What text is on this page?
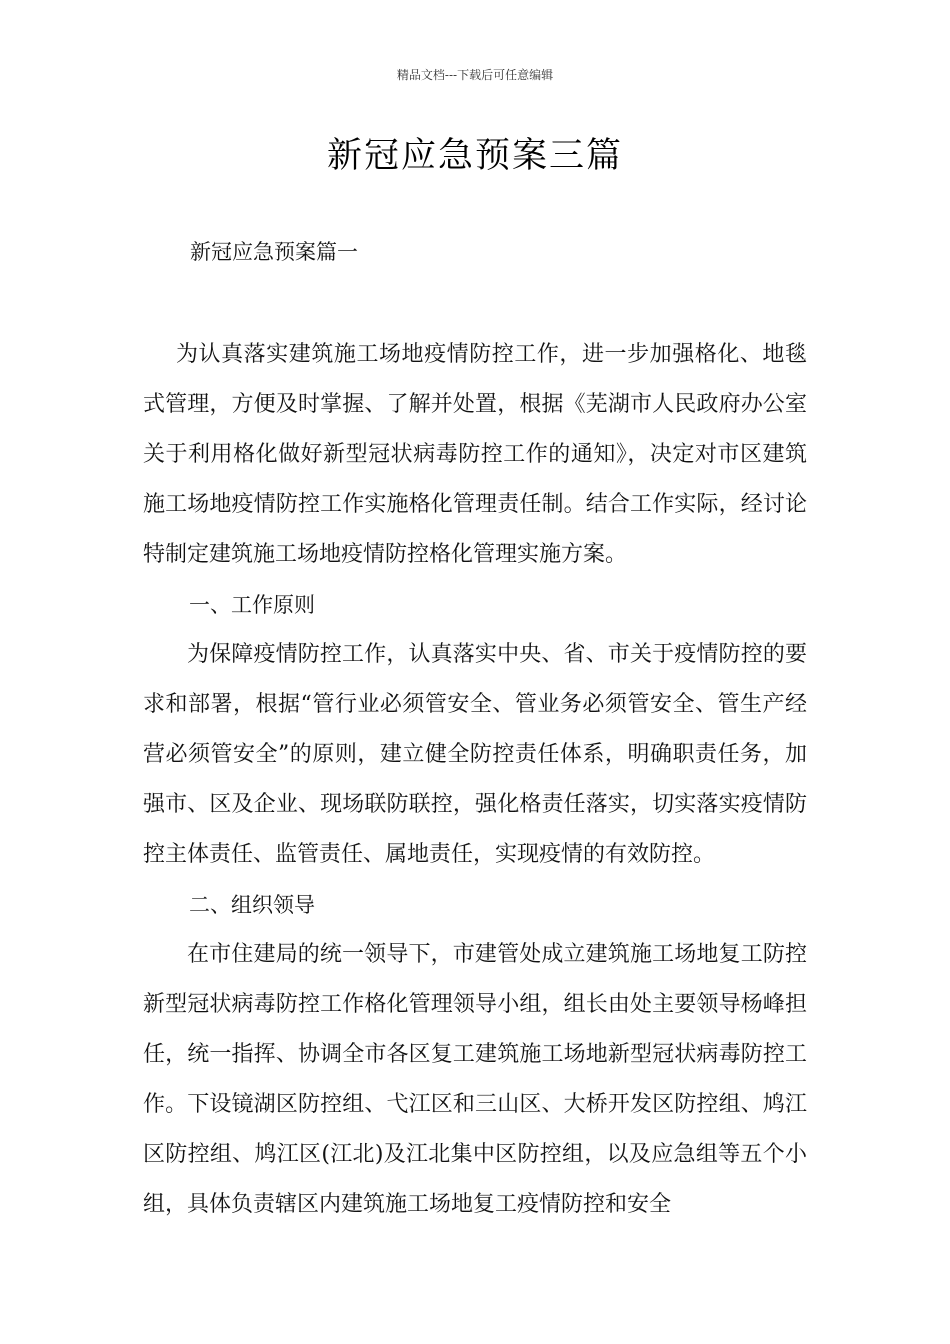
精品文档---下载后可任意编辑
新冠应急预案三篇
新冠应急预案篇一

为认真落实建筑施工场地疫情防控工作，进一步加强格化、地毯式管理，方便及时掌握、了解并处置，根据《芜湖市人民政府办公室关于利用格化做好新型冠状病毒防控工作的通知》，决定对市区建筑施工场地疫情防控工作实施格化管理责任制。结合工作实际，经讨论特制定建筑施工场地疫情防控格化管理实施方案。

一、工作原则

为保障疫情防控工作，认真落实中央、省、市关于疫情防控的要求和部署，根据“管行业必须管安全、管业务必须管安全、管生产经营必须管安全”的原则，建立健全防控责任体系，明确职责任务，加强市、区及企业、现场联防联控，强化格责任落实，切实落实疫情防控主体责任、监管责任、属地责任，实现疫情的有效防控。

二、组织领导

在市住建局的统一领导下，市建管处成立建筑施工场地复工防控新型冠状病毒防控工作格化管理领导小组，组长由处主要领导杨峰担任，统一指挥、协调全市各区复工建筑施工场地新型冠状病毒防控工作。下设镜湖区防控组、弋江区和三山区、大桥开发区防控组、鸠江区防控组、鸠江区(江北)及江北集中区防控组，以及应急组等五个小组，具体负责辖区内建筑施工场地复工疫情防控和安全
